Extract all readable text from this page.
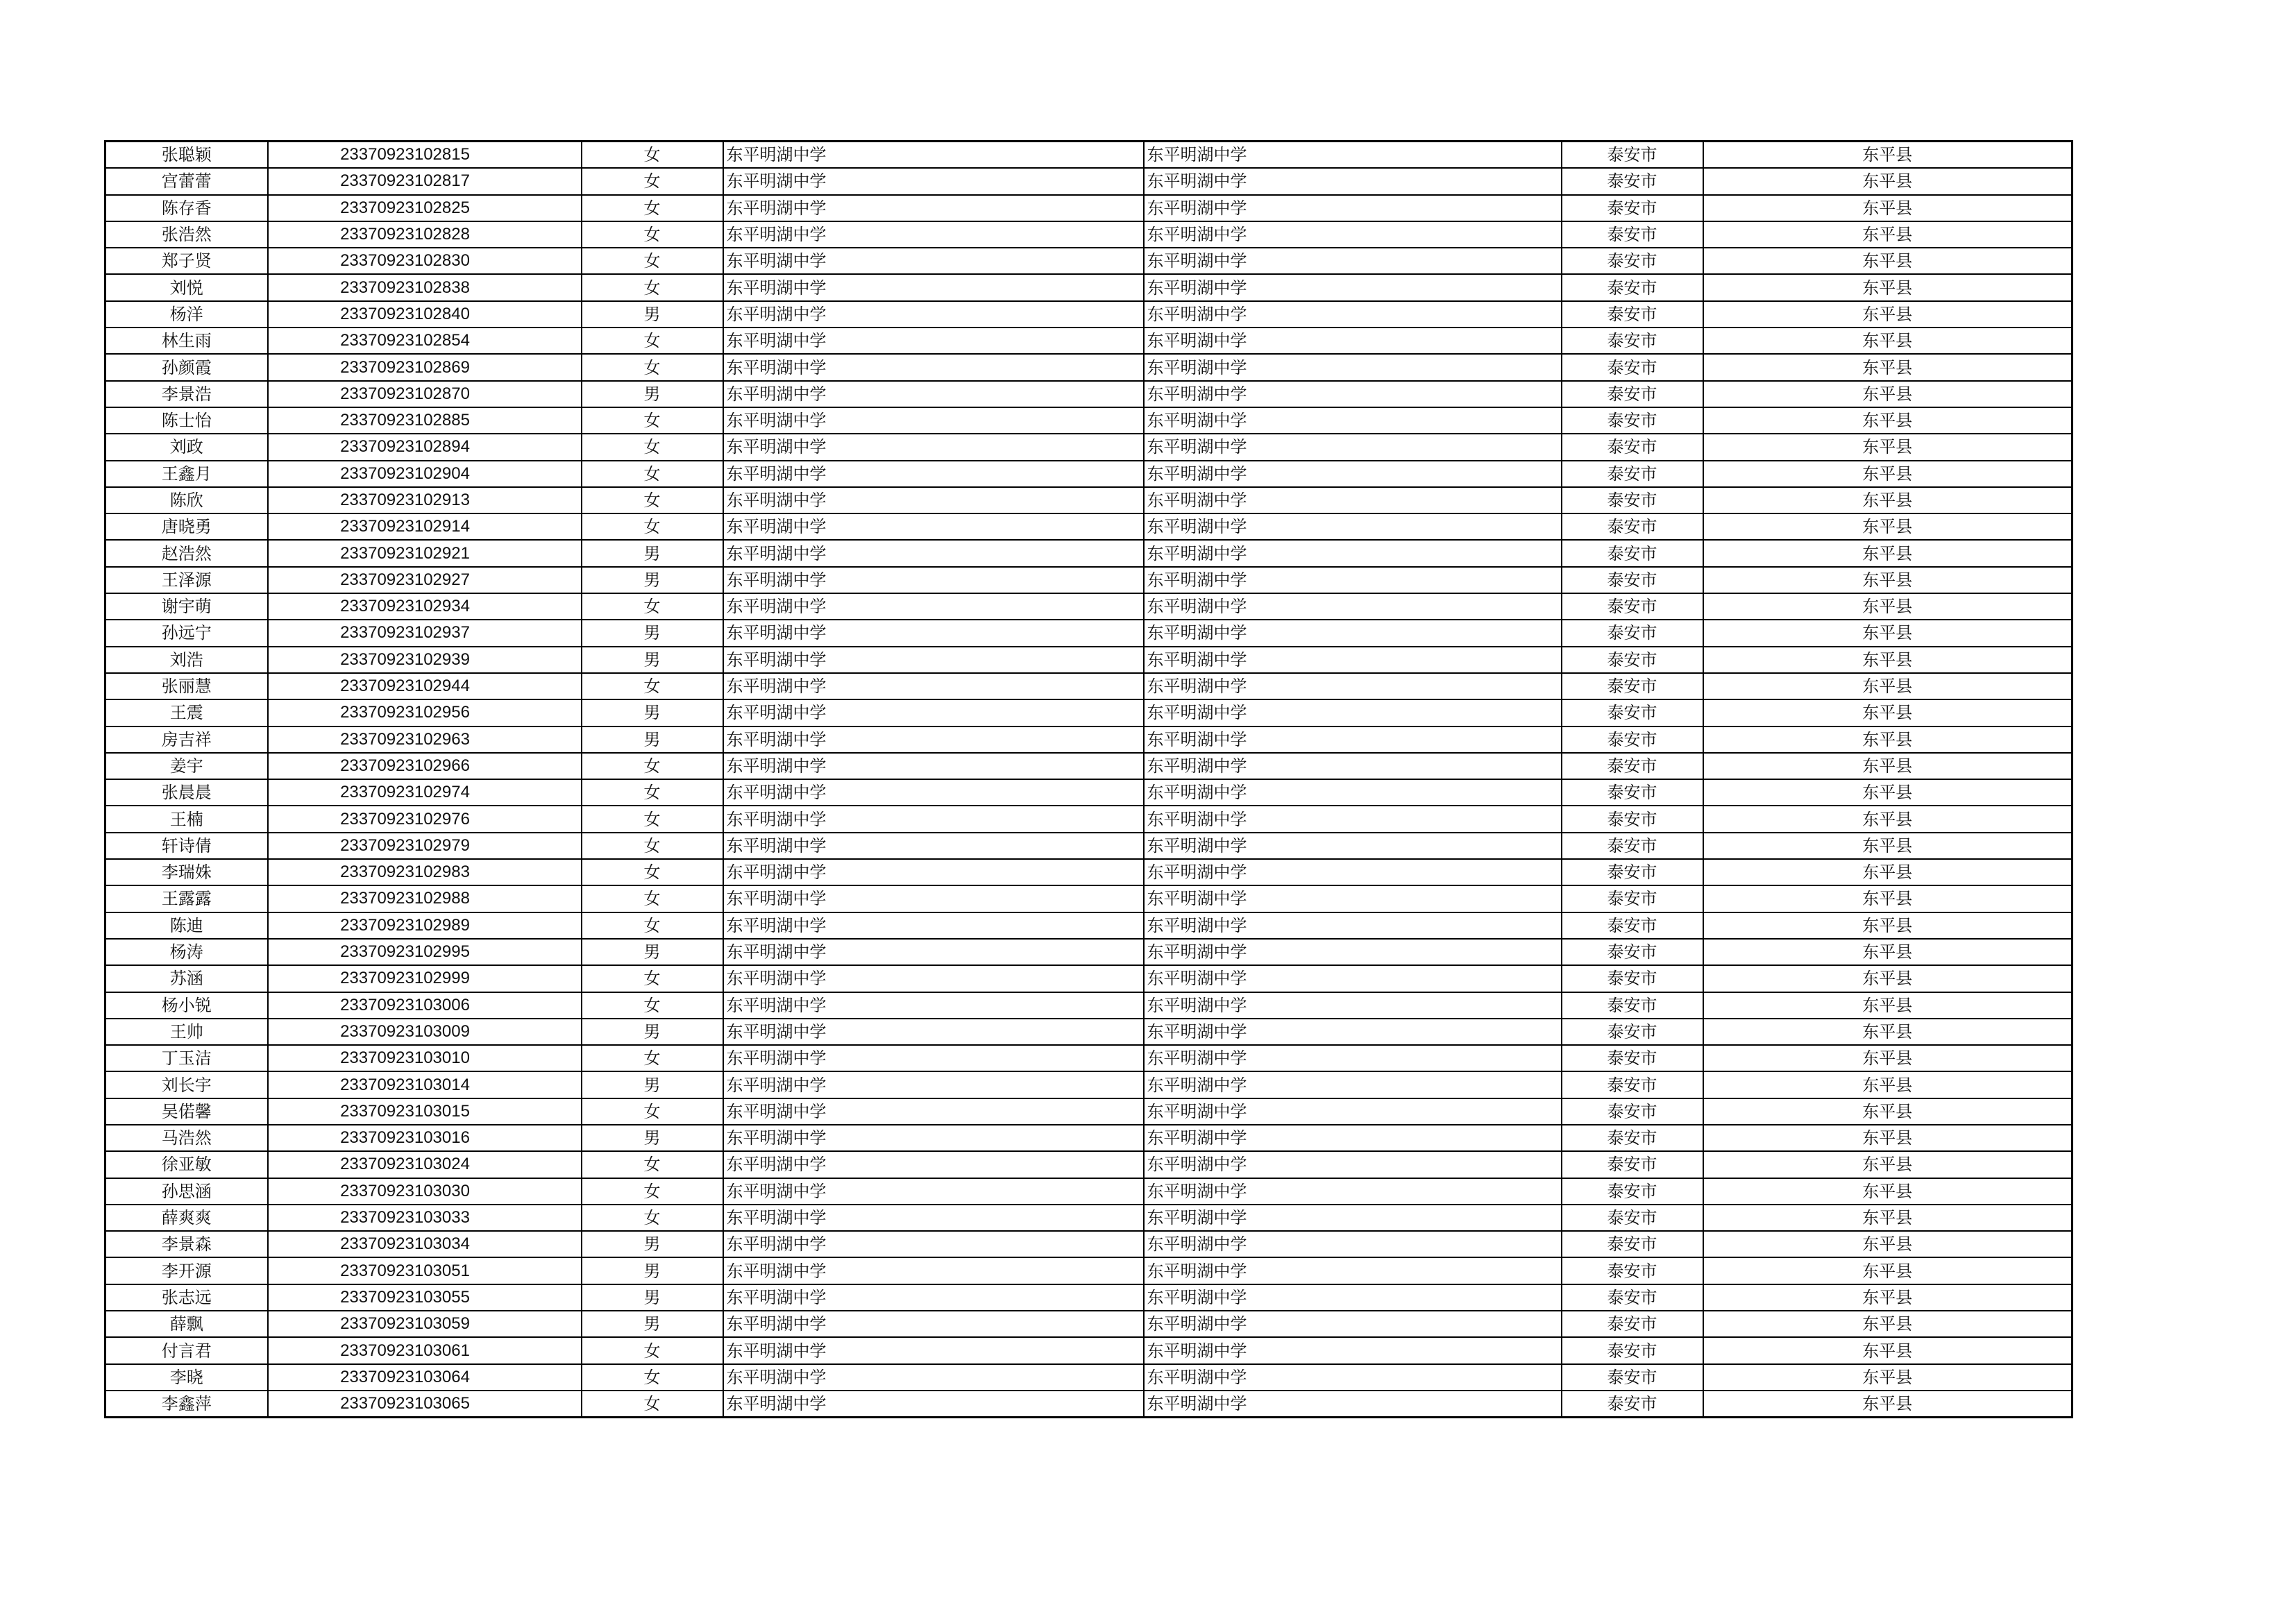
张聪颖	23370923102815	女	东平明湖中学	东平明湖中学	泰安市	东平县
宫蕾蕾	23370923102817	女	东平明湖中学	东平明湖中学	泰安市	东平县
陈存香	23370923102825	女	东平明湖中学	东平明湖中学	泰安市	东平县
张浩然	23370923102828	女	东平明湖中学	东平明湖中学	泰安市	东平县
郑子贤	23370923102830	女	东平明湖中学	东平明湖中学	泰安市	东平县
刘悦	23370923102838	女	东平明湖中学	东平明湖中学	泰安市	东平县
杨洋	23370923102840	男	东平明湖中学	东平明湖中学	泰安市	东平县
林生雨	23370923102854	女	东平明湖中学	东平明湖中学	泰安市	东平县
孙颜霞	23370923102869	女	东平明湖中学	东平明湖中学	泰安市	东平县
李景浩	23370923102870	男	东平明湖中学	东平明湖中学	泰安市	东平县
陈士怡	23370923102885	女	东平明湖中学	东平明湖中学	泰安市	东平县
刘政	23370923102894	女	东平明湖中学	东平明湖中学	泰安市	东平县
王鑫月	23370923102904	女	东平明湖中学	东平明湖中学	泰安市	东平县
陈欣	23370923102913	女	东平明湖中学	东平明湖中学	泰安市	东平县
唐晓勇	23370923102914	女	东平明湖中学	东平明湖中学	泰安市	东平县
赵浩然	23370923102921	男	东平明湖中学	东平明湖中学	泰安市	东平县
王泽源	23370923102927	男	东平明湖中学	东平明湖中学	泰安市	东平县
谢宇萌	23370923102934	女	东平明湖中学	东平明湖中学	泰安市	东平县
孙远宁	23370923102937	男	东平明湖中学	东平明湖中学	泰安市	东平县
刘浩	23370923102939	男	东平明湖中学	东平明湖中学	泰安市	东平县
张丽慧	23370923102944	女	东平明湖中学	东平明湖中学	泰安市	东平县
王震	23370923102956	男	东平明湖中学	东平明湖中学	泰安市	东平县
房吉祥	23370923102963	男	东平明湖中学	东平明湖中学	泰安市	东平县
姜宇	23370923102966	女	东平明湖中学	东平明湖中学	泰安市	东平县
张晨晨	23370923102974	女	东平明湖中学	东平明湖中学	泰安市	东平县
王楠	23370923102976	女	东平明湖中学	东平明湖中学	泰安市	东平县
轩诗倩	23370923102979	女	东平明湖中学	东平明湖中学	泰安市	东平县
李瑞姝	23370923102983	女	东平明湖中学	东平明湖中学	泰安市	东平县
王露露	23370923102988	女	东平明湖中学	东平明湖中学	泰安市	东平县
陈迪	23370923102989	女	东平明湖中学	东平明湖中学	泰安市	东平县
杨涛	23370923102995	男	东平明湖中学	东平明湖中学	泰安市	东平县
苏涵	23370923102999	女	东平明湖中学	东平明湖中学	泰安市	东平县
杨小锐	23370923103006	女	东平明湖中学	东平明湖中学	泰安市	东平县
王帅	23370923103009	男	东平明湖中学	东平明湖中学	泰安市	东平县
丁玉洁	23370923103010	女	东平明湖中学	东平明湖中学	泰安市	东平县
刘长宇	23370923103014	男	东平明湖中学	东平明湖中学	泰安市	东平县
吴偌馨	23370923103015	女	东平明湖中学	东平明湖中学	泰安市	东平县
马浩然	23370923103016	男	东平明湖中学	东平明湖中学	泰安市	东平县
徐亚敏	23370923103024	女	东平明湖中学	东平明湖中学	泰安市	东平县
孙思涵	23370923103030	女	东平明湖中学	东平明湖中学	泰安市	东平县
薛爽爽	23370923103033	女	东平明湖中学	东平明湖中学	泰安市	东平县
李景森	23370923103034	男	东平明湖中学	东平明湖中学	泰安市	东平县
李开源	23370923103051	男	东平明湖中学	东平明湖中学	泰安市	东平县
张志远	23370923103055	男	东平明湖中学	东平明湖中学	泰安市	东平县
薛飘	23370923103059	男	东平明湖中学	东平明湖中学	泰安市	东平县
付言君	23370923103061	女	东平明湖中学	东平明湖中学	泰安市	东平县
李晓	23370923103064	女	东平明湖中学	东平明湖中学	泰安市	东平县
李鑫萍	23370923103065	女	东平明湖中学	东平明湖中学	泰安市	东平县
